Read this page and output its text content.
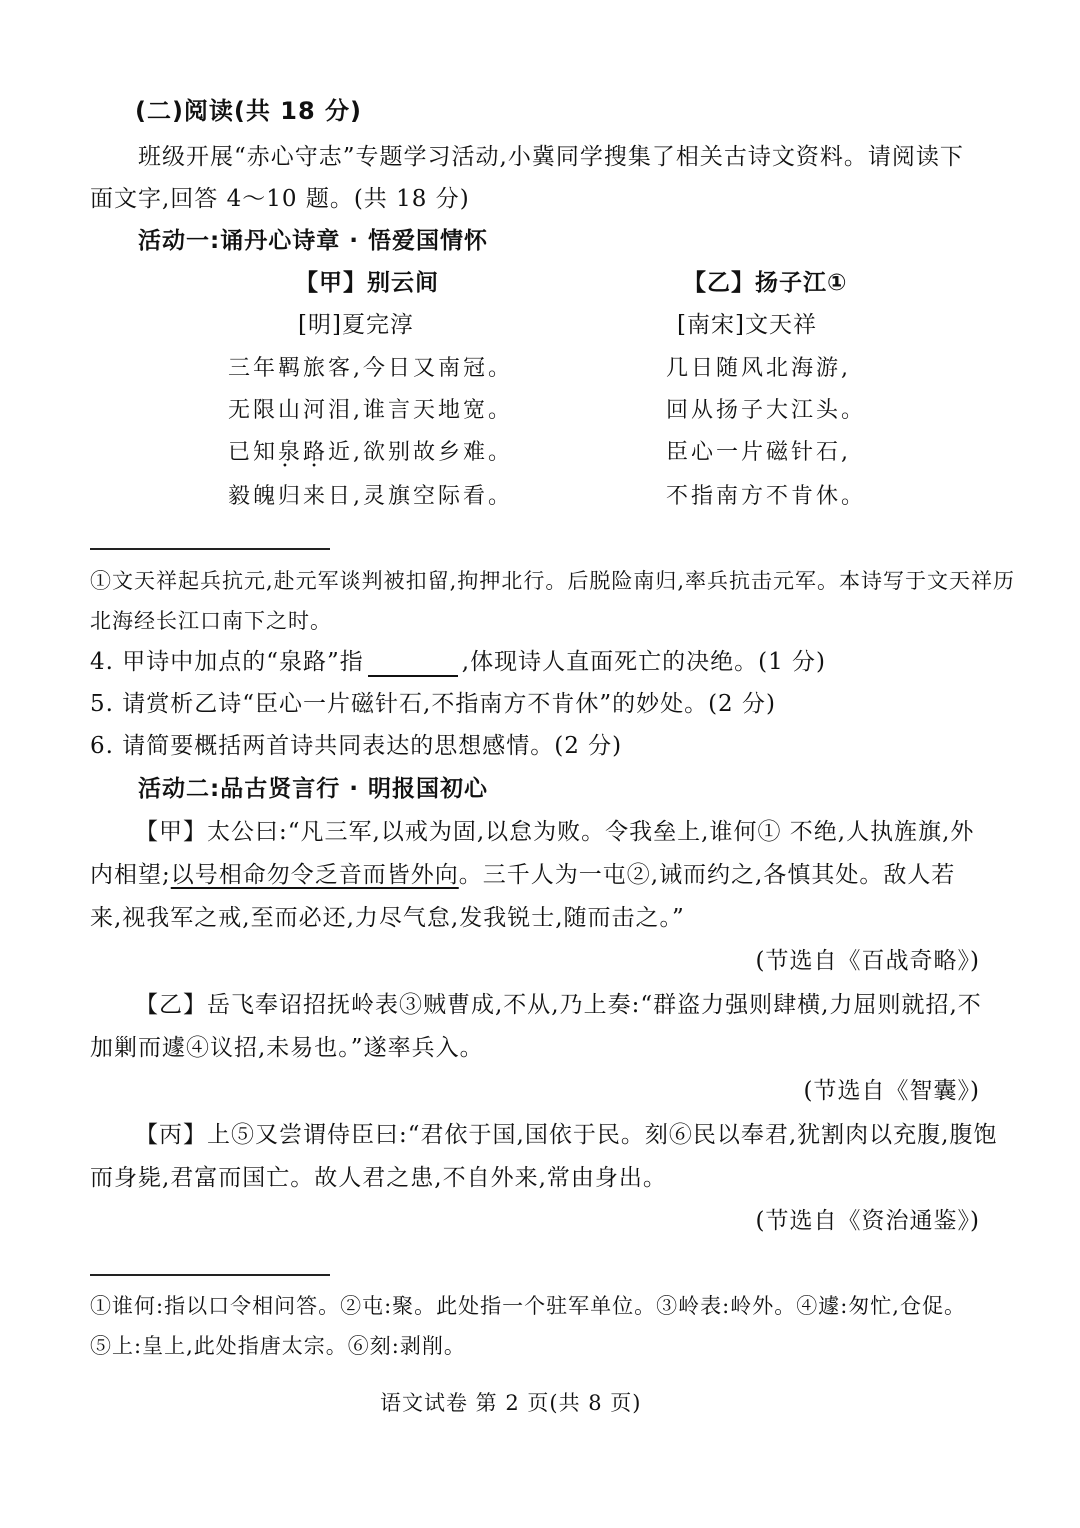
(二)阅读(共 18 分)
班级开展“赤心守志”专题学习活动,小冀同学搜集了相关古诗文资料。请阅读下
面文字,回答 4～10 题。(共 18 分)
活动一:诵丹心诗章 · 悟爱国情怀
【甲】别云间
[明]夏完淳
三年羁旅客,今日又南冠。
无限山河泪,谁言天地宽。
已知泉路 • •近,欲别故乡难。
毅魄归来日,灵旗空际看。
【乙】扬子江①
[南宋]文天祥
几日随风北海游,
回从扬子大江头。
臣心一片磁针石,
不指南方不肯休。
①文天祥起兵抗元,赴元军谈判被扣留,拘押北行。后脱险南归,率兵抗击元军。本诗写于文天祥历
北海经长江口南下之时。
4. 甲诗中加点的“泉路”指	,体现诗人直面死亡的决绝。(1 分)
5. 请赏析乙诗“臣心一片磁针石,不指南方不肯休”的妙处。(2 分)
6. 请简要概括两首诗共同表达的思想感情。(2 分)
活动二:品古贤言行 · 明报国初心
【甲】太公曰:“凡三军,以戒为固,以怠为败。令我垒上,谁何① 不绝,人执旌旗,外
内相望;以号相命勿令乏音而皆外向。三千人为一屯②,诫而约之,各慎其处。敌人若
来,视我军之戒,至而必还,力尽气怠,发我锐士,随而击之。”
(节选自《百战奇略》)
【乙】岳飞奉诏招抚岭表③贼曹成,不从,乃上奏:“群盗力强则肆横,力屈则就招,不
加剿而遽④议招,未易也。”遂率兵入。
(节选自《智囊》)
【丙】上⑤又尝谓侍臣曰:“君依于国,国依于民。刻⑥民以奉君,犹割肉以充腹,腹饱
而身毙,君富而国亡。故人君之患,不自外来,常由身出。
(节选自《资治通鉴》)
①谁何:指以口令相问答。②屯:聚。此处指一个驻军单位。③岭表:岭外。④遽:匆忙,仓促。
⑤上:皇上,此处指唐太宗。⑥刻:剥削。
语文试卷 第 2 页(共 8 页)
